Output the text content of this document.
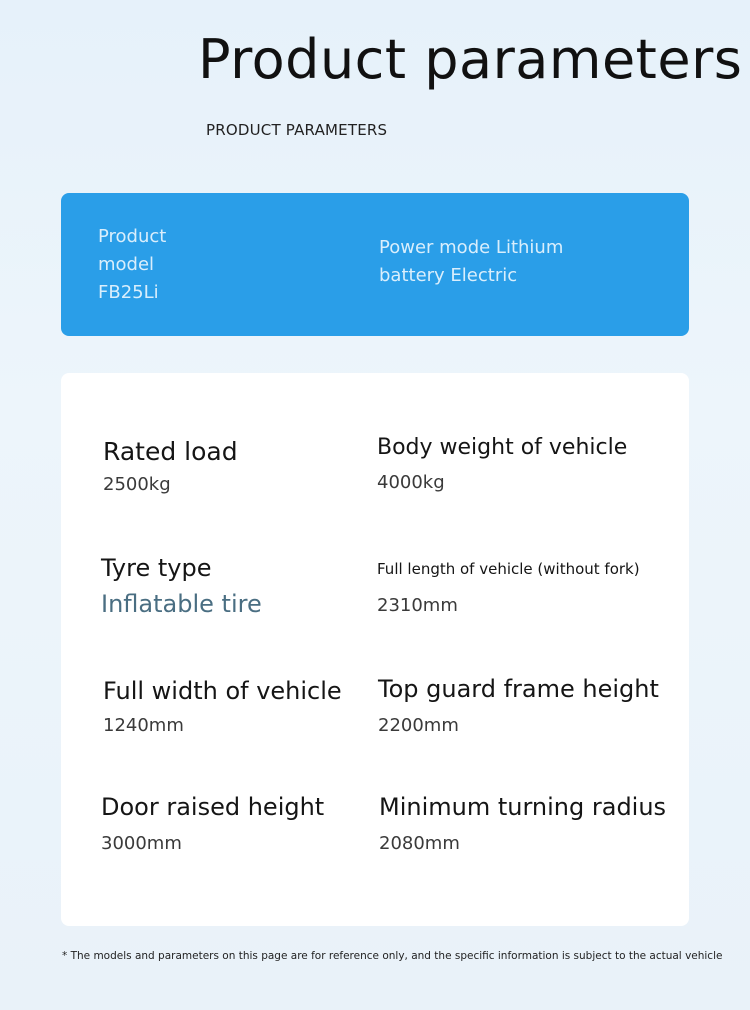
Product parameters
PRODUCT PARAMETERS
Product model FB25Li
Power mode Lithium battery Electric
Rated load
2500kg
Body weight of vehicle
4000kg
Tyre type
Inflatable tire
Full length of vehicle (without fork)
2310mm
Full width of vehicle
1240mm
Top guard frame height
2200mm
Door raised height
3000mm
Minimum turning radius
2080mm
* The models and parameters on this page are for reference only, and the specific information is subject to the actual vehicle
